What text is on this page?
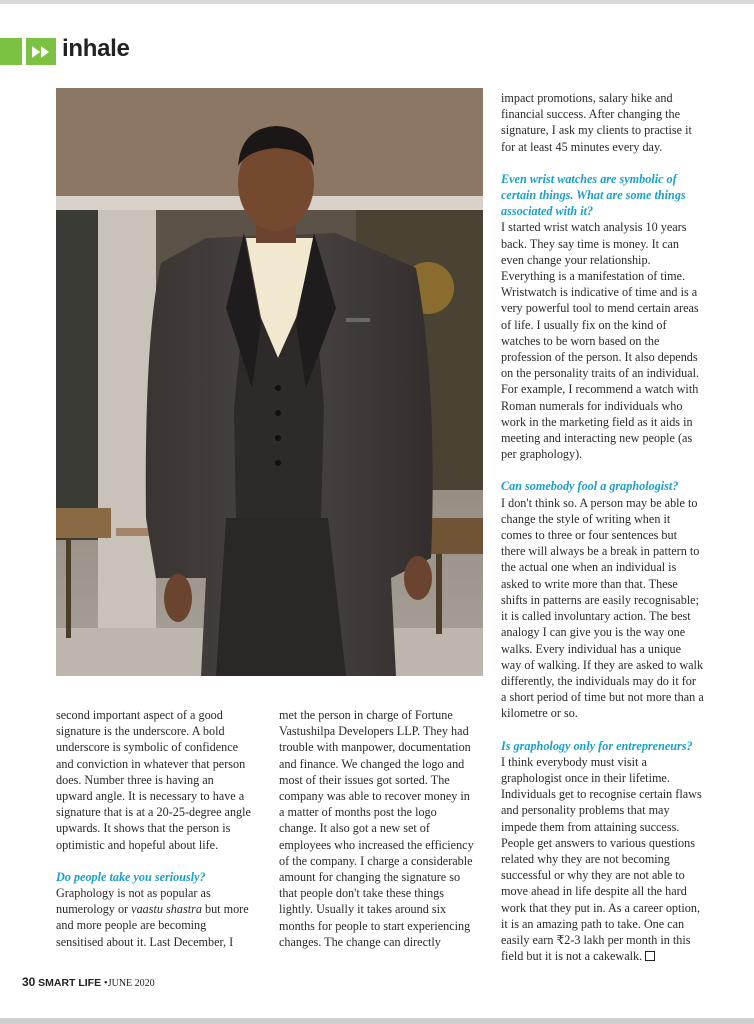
inhale

impact promotions, salary hike and financial success. After changing the signature, I ask my clients to practise it for at least 45 minutes every day.

Even wrist watches are symbolic of certain things. What are some things associated with it?

I started wrist watch analysis 10 years back. They say time is money. It can even change your relationship. Everything is a manifestation of time. Wristwatch is indicative of time and is a very powerful tool to mend certain areas of life. I usually fix on the kind of watches to be worn based on the profession of the person. It also depends on the personality traits of an individual. For example, I recommend a watch with Roman numerals for individuals who work in the marketing field as it aids in meeting and interacting new people (as per graphology).

Can somebody fool a graphologist?

I don't think so. A person may be able to change the style of writing when it comes to three or four sentences but there will always be a break in pattern to the actual one when an individual is asked to write more than that. These shifts in patterns are easily recognisable; it is called involuntary action. The best analogy I can give you is the way one walks. Every individual has a unique way of walking. If they are asked to walk differently, the individuals may do it for a short period of time but not more than a kilometre or so.

Is graphology only for entrepreneurs?

I think everybody must visit a graphologist once in their lifetime. Individuals get to recognise certain flaws and personality problems that may impede them from attaining success. People get answers to various questions related why they are not becoming successful or why they are not able to move ahead in life despite all the hard work that they put in. As a career option, it is an amazing path to take. One can easily earn ₹2-3 lakh per month in this field but it is not a cakewalk.

second important aspect of a good signature is the underscore. A bold underscore is symbolic of confidence and conviction in whatever that person does. Number three is having an upward angle. It is necessary to have a signature that is at a 20-25-degree angle upwards. It shows that the person is optimistic and hopeful about life.

Do people take you seriously?

Graphology is not as popular as numerology or vaastu shastra but more and more people are becoming sensitised about it. Last December, I

met the person in charge of Fortune Vastushilpa Developers LLP. They had trouble with manpower, documentation and finance. We changed the logo and most of their issues got sorted. The company was able to recover money in a matter of months post the logo change. It also got a new set of employees who increased the efficiency of the company. I charge a considerable amount for changing the signature so that people don't take these things lightly. Usually it takes around six months for people to start experiencing changes. The change can directly

30 SMART LIFE •JUNE 2020
